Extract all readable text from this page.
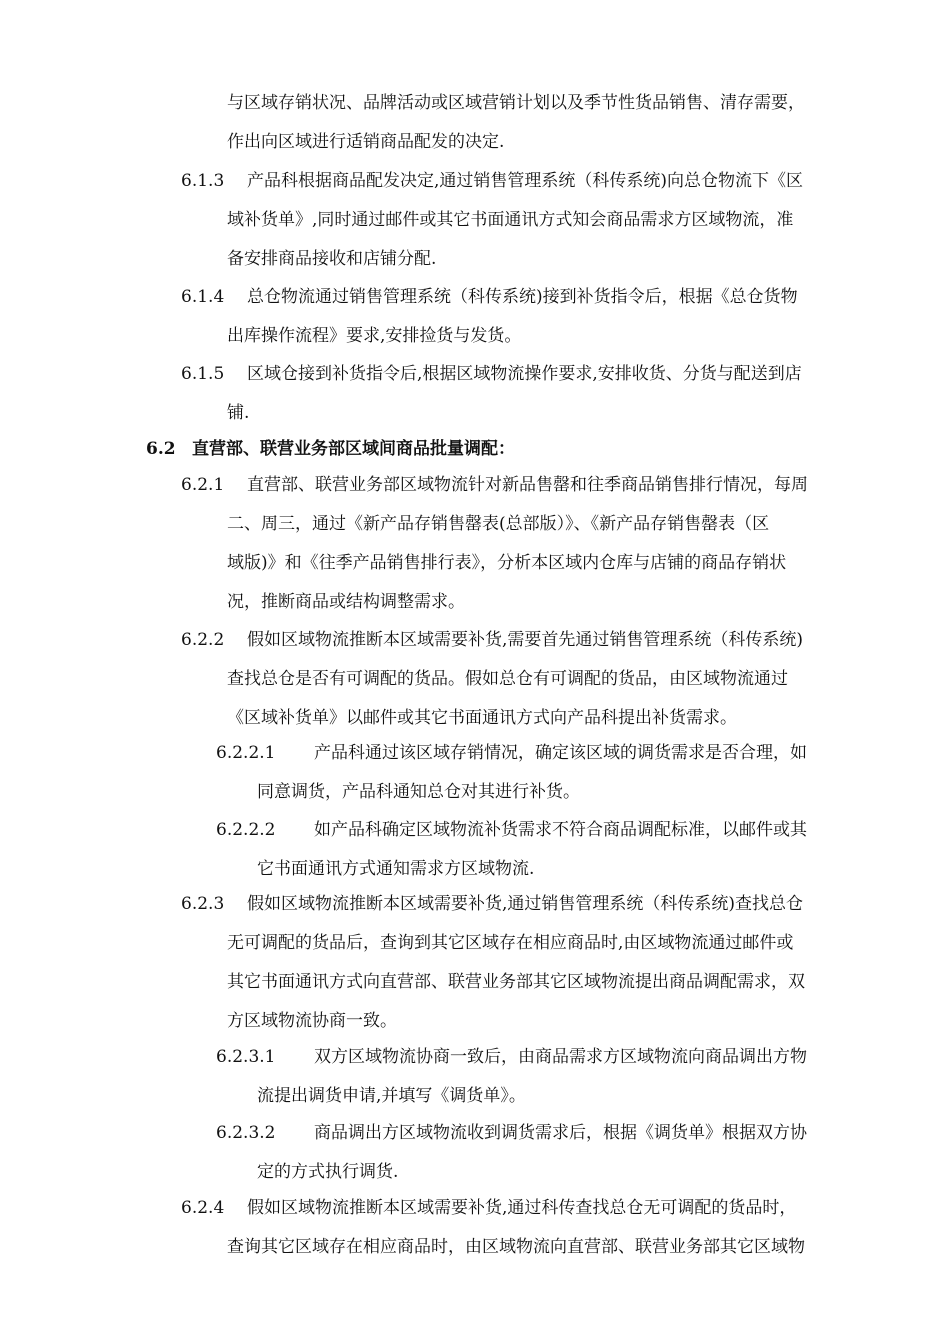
与区域存销状况、品牌活动或区域营销计划以及季节性货品销售、清存需要，
作出向区域进行适销商品配发的决定.
6.1.3 产品科根据商品配发决定,通过销售管理系统（科传系统)向总仓物流下《区
域补货单》,同时通过邮件或其它书面通讯方式知会商品需求方区域物流，准
备安排商品接收和店铺分配.
6.1.4 总仓物流通过销售管理系统（科传系统)接到补货指令后，根据《总仓货物
出库操作流程》要求,安排捡货与发货。
6.1.5 区域仓接到补货指令后,根据区域物流操作要求,安排收货、分货与配送到店
铺.
6.2 直营部、联营业务部区域间商品批量调配：
6.2.1 直营部、联营业务部区域物流针对新品售罄和往季商品销售排行情况，每周
二、周三，通过《新产品存销售罄表(总部版）》、《新产品存销售罄表（区
域版)》和《往季产品销售排行表》，分析本区域内仓库与店铺的商品存销状
况，推断商品或结构调整需求。
6.2.2 假如区域物流推断本区域需要补货,需要首先通过销售管理系统（科传系统)
查找总仓是否有可调配的货品。假如总仓有可调配的货品，由区域物流通过
《区域补货单》以邮件或其它书面通讯方式向产品科提出补货需求。
6.2.2.1 产品科通过该区域存销情况，确定该区域的调货需求是否合理，如
同意调货，产品科通知总仓对其进行补货。
6.2.2.2 如产品科确定区域物流补货需求不符合商品调配标准，以邮件或其
它书面通讯方式通知需求方区域物流.
6.2.3 假如区域物流推断本区域需要补货,通过销售管理系统（科传系统)查找总仓
无可调配的货品后，查询到其它区域存在相应商品时,由区域物流通过邮件或
其它书面通讯方式向直营部、联营业务部其它区域物流提出商品调配需求，双
方区域物流协商一致。
6.2.3.1 双方区域物流协商一致后，由商品需求方区域物流向商品调出方物
流提出调货申请,并填写《调货单》。
6.2.3.2 商品调出方区域物流收到调货需求后，根据《调货单》根据双方协
定的方式执行调货.
6.2.4 假如区域物流推断本区域需要补货,通过科传查找总仓无可调配的货品时，
查询其它区域存在相应商品时，由区域物流向直营部、联营业务部其它区域物
